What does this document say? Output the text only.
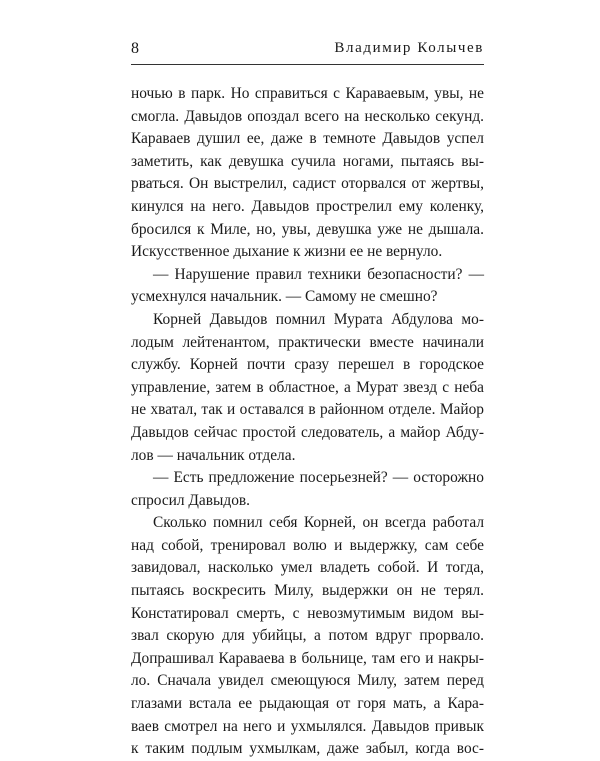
8	Владимир Колычев
ночью в парк. Но справиться с Караваевым, увы, не
смогла. Давыдов опоздал всего на несколько секунд.
Караваев душил ее, даже в темноте Давыдов успел
заметить, как девушка сучила ногами, пытаясь вы-
рваться. Он выстрелил, садист оторвался от жертвы,
кинулся на него. Давыдов прострелил ему коленку,
бросился к Миле, но, увы, девушка уже не дышала.
Искусственное дыхание к жизни ее не вернуло.
— Нарушение правил техники безопасности? —
усмехнулся начальник. — Самому не смешно?
Корней Давыдов помнил Мурата Абдулова мо-
лодым лейтенантом, практически вместе начинали
службу. Корней почти сразу перешел в городское
управление, затем в областное, а Мурат звезд с неба
не хватал, так и оставался в районном отделе. Майор
Давыдов сейчас простой следователь, а майор Абду-
лов — начальник отдела.
— Есть предложение посерьезней? — осторожно
спросил Давыдов.
Сколько помнил себя Корней, он всегда работал
над собой, тренировал волю и выдержку, сам себе
завидовал, насколько умел владеть собой. И тогда,
пытаясь воскресить Милу, выдержки он не терял.
Констатировал смерть, с невозмутимым видом вы-
звал скорую для убийцы, а потом вдруг прорвало.
Допрашивал Караваева в больнице, там его и накры-
ло. Сначала увидел смеющуюся Милу, затем перед
глазами встала ее рыдающая от горя мать, а Кара-
ваев смотрел на него и ухмылялся. Давыдов привык
к таким подлым ухмылкам, даже забыл, когда вос-
